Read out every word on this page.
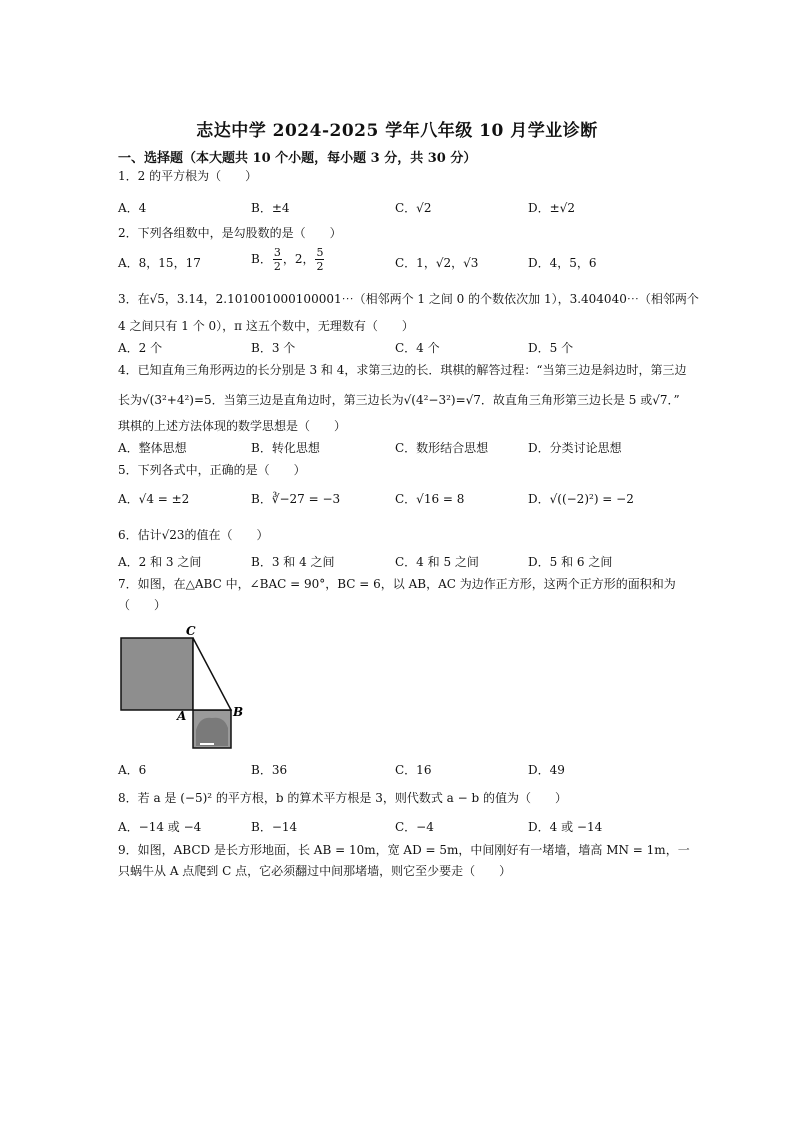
志达中学 2024-2025 学年八年级 10 月学业诊断
一、选择题（本大题共 10 个小题，每小题 3 分，共 30 分）
1．2 的平方根为（　　）
A．4	B．±4	C．√2	D．±√2
2．下列各组数中，是勾股数的是（　　）
A．8，15，17	B． $\frac{3}{2}$ ，2， $\frac{5}{2}$	C．1，√2，√3	D．4，5，6
3．在√5，3.14，2.101001000100001⋯（相邻两个 1 之间 0 的个数依次加 1），3.404040⋯（相邻两个
4 之间只有 1 个 0），π 这五个数中，无理数有（　　）
A．2 个	B．3 个	C．4 个	D．5 个
4．已知直角三角形两边的长分别是 3 和 4，求第三边的长．琪棋的解答过程：“当第三边是斜边时，第三边
长为√(3²+4²)=5．当第三边是直角边时，第三边长为√(4²−3²)=√7．故直角三角形第三边长是 5 或√7．”
琪棋的上述方法体现的数学思想是（　　）
A．整体思想	B．转化思想	C．数形结合思想	D．分类讨论思想
5．下列各式中，正确的是（　　）
A．√4 = ±2	B．∛−27 = −3	C．√16 = 8	D．√((−2)²) = −2
6．估计√23的值在（　　）
A．2 和 3 之间	B．3 和 4 之间	C．4 和 5 之间	D．5 和 6 之间
7．如图，在△ABC 中，∠BAC = 90°，BC = 6，以 AB，AC 为边作正方形，这两个正方形的面积和为
（　　）
C
A	B
A．6	B．36	C．16	D．49
8．若 a 是 (−5)² 的平方根，b 的算术平方根是 3，则代数式 a − b 的值为（　　）
A．−14 或 −4	B．−14	C．−4	D．4 或 −14
9．如图，ABCD 是长方形地面，长 AB = 10m，宽 AD = 5m，中间刚好有一堵墙，墙高 MN = 1m，一
只蜗牛从 A 点爬到 C 点，它必须翻过中间那堵墙，则它至少要走（　　）
